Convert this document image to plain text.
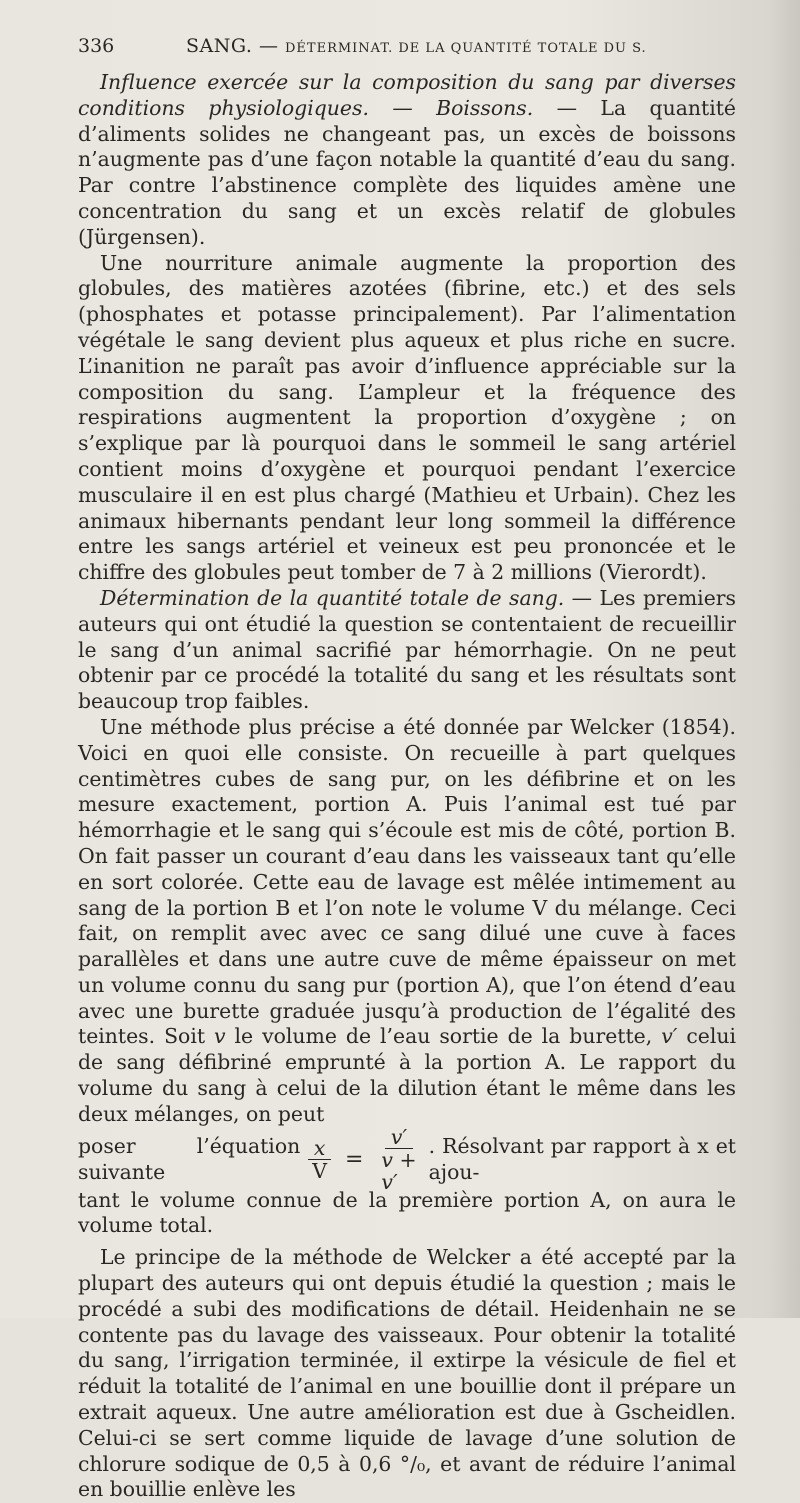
336	SANG. — DÉTERMINAT. DE LA QUANTITÉ TOTALE DU S.

Influence exercée sur la composition du sang par diverses conditions physiologiques. — Boissons. — La quantité d’aliments solides ne changeant pas, un excès de boissons n’augmente pas d’une façon notable la quantité d’eau du sang. Par contre l’abstinence complète des liquides amène une concentration du sang et un excès relatif de globules (Jürgensen).

Une nourriture animale augmente la proportion des globules, des matières azotées (fibrine, etc.) et des sels (phosphates et potasse principalement). Par l’alimentation végétale le sang devient plus aqueux et plus riche en sucre. L’inanition ne paraît pas avoir d’influence appréciable sur la composition du sang. L’ampleur et la fréquence des respirations augmentent la proportion d’oxygène ; on s’explique par là pourquoi dans le sommeil le sang artériel contient moins d’oxygène et pourquoi pendant l’exercice musculaire il en est plus chargé (Mathieu et Urbain). Chez les animaux hibernants pendant leur long sommeil la différence entre les sangs artériel et veineux est peu prononcée et le chiffre des globules peut tomber de 7 à 2 millions (Vierordt).

Détermination de la quantité totale de sang. — Les premiers auteurs qui ont étudié la question se contentaient de recueillir le sang d’un animal sacrifié par hémorrhagie. On ne peut obtenir par ce procédé la totalité du sang et les résultats sont beaucoup trop faibles.

Une méthode plus précise a été donnée par Welcker (1854). Voici en quoi elle consiste. On recueille à part quelques centimètres cubes de sang pur, on les défibrine et on les mesure exactement, portion A. Puis l’animal est tué par hémorrhagie et le sang qui s’écoule est mis de côté, portion B. On fait passer un courant d’eau dans les vaisseaux tant qu’elle en sort colorée. Cette eau de lavage est mêlée intimement au sang de la portion B et l’on note le volume V du mélange. Ceci fait, on remplit avec avec ce sang dilué une cuve à faces parallèles et dans une autre cuve de même épaisseur on met un volume connu du sang pur (portion A), que l’on étend d’eau avec une burette graduée jusqu’à production de l’égalité des teintes. Soit v le volume de l’eau sortie de la burette, v′ celui de sang défibriné emprunté à la portion A. Le rapport du volume du sang à celui de la dilution étant le même dans les deux mélanges, on peut

poser l’équation suivante	$\frac{x}{V} = \frac{v'}{v + v'}$ . Résolvant par rapport à x et ajou-

tant le volume connue de la première portion A, on aura le volume total.

Le principe de la méthode de Welcker a été accepté par la plupart des auteurs qui ont depuis étudié la question ; mais le procédé a subi des modifications de détail. Heidenhain ne se contente pas du lavage des vaisseaux. Pour obtenir la totalité du sang, l’irrigation terminée, il extirpe la vésicule de fiel et réduit la totalité de l’animal en une bouillie dont il prépare un extrait aqueux. Une autre amélioration est due à Gscheidlen. Celui-ci se sert comme liquide de lavage d’une solution de chlorure sodique de 0,5 à 0,6 °/₀, et avant de réduire l’animal en bouillie enlève les
